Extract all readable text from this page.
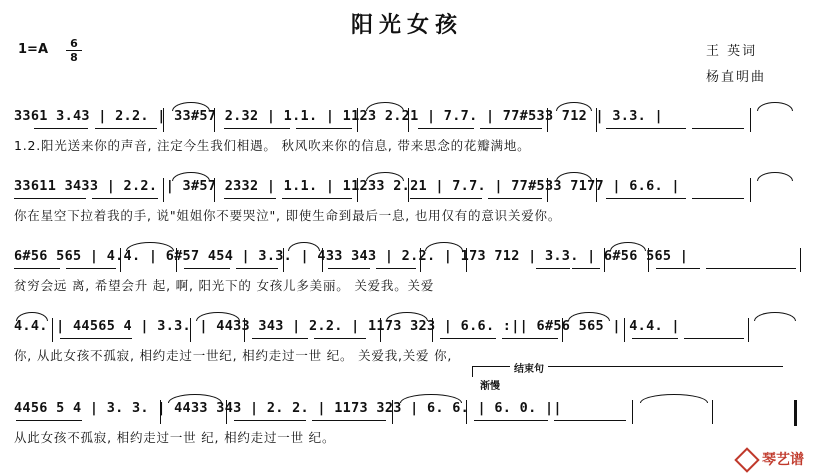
阳光女孩
1=A	6
8	王 英词
杨直明曲
3361 3.43 | 2.2. | 33#57 2.32 | 1.1. | 1123 2.21 | 7.7. | 77#533 712 | 3.3. |
1.2.阳光送来你的声音, 注定今生我们相遇。 秋风吹来你的信息, 带来思念的花瓣满地。
33611 3433 | 2.2. | 3#57 2332 | 1.1. | 11233 2.21 | 7.7. | 77#533 7177 | 6.6. |
你在星空下拉着我的手, 说"姐姐你不要哭泣", 即使生命到最后一息, 也用仅有的意识关爱你。
6#56 565 | 4.4. | 6#57 454 | 3.3. | 433 343 | 2.2. | 173 712 | 3.3. | 6#56 565 |
贫穷会远 离, 希望会升 起, 啊, 阳光下的 女孩儿多美丽。 关爱我。关爱
4.4. | 44565 4 | 3.3. | 4433 343 | 2.2. | 1173 323 | 6.6. :|| 6#56 565 | 4.4. |
你, 从此女孩不孤寂, 相约走过一世纪, 相约走过一世 纪。 关爱我,关爱 你,
结束句
渐慢
4456 5 4 | 3. 3. | 4433 343 | 2. 2. | 1173 323 | 6. 6. | 6. 0. ||
从此女孩不孤寂, 相约走过一世 纪, 相约走过一世 纪。
琴艺谱
